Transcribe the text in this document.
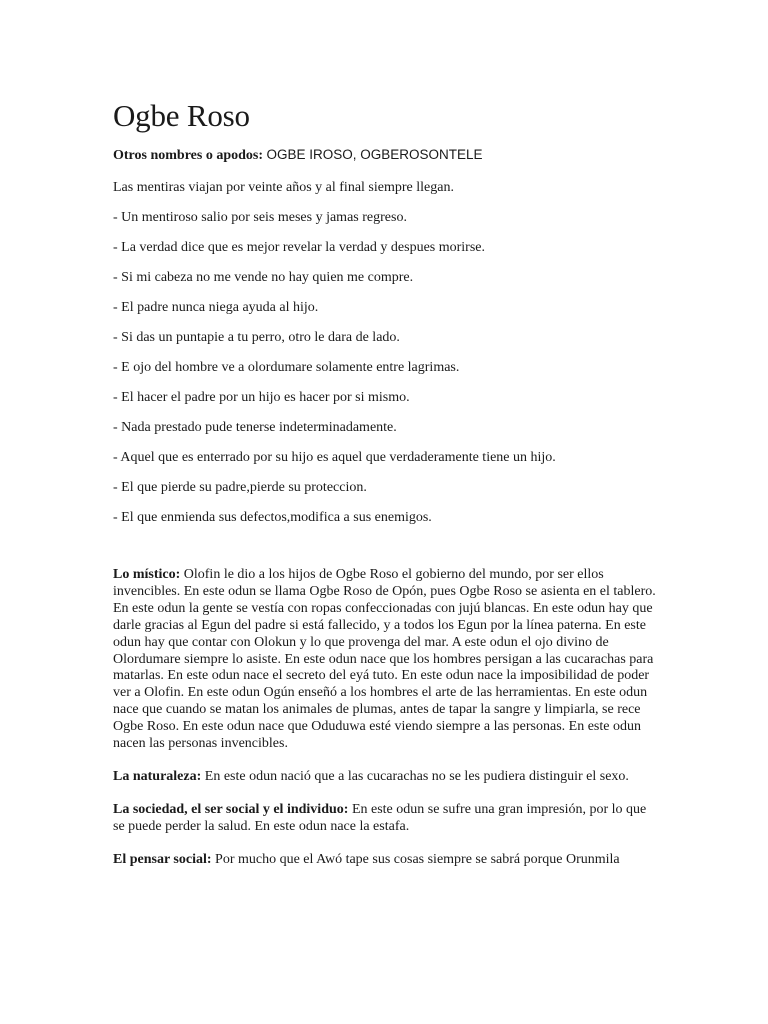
Ogbe Roso

Otros nombres o apodos: OGBE IROSO, OGBEROSONTELE

Las mentiras viajan por veinte años y al final siempre llegan.

- Un mentiroso salio por seis meses y jamas regreso.

- La verdad dice que es mejor revelar la verdad y despues morirse.

- Si mi cabeza no me vende no hay quien me compre.

- El padre nunca niega ayuda al hijo.

- Si das un puntapie a tu perro, otro le dara de lado.

- E ojo del hombre ve a olordumare solamente entre lagrimas.

- El hacer el padre por un hijo es hacer por si mismo.

- Nada prestado pude tenerse indeterminadamente.

- Aquel que es enterrado por su hijo es aquel que verdaderamente tiene un hijo.

- El que pierde su padre,pierde su proteccion.

- El que enmienda sus defectos,modifica a sus enemigos.

Lo místico: Olofin le dio a los hijos de Ogbe Roso el gobierno del mundo, por ser ellos invencibles. En este odun se llama Ogbe Roso de Opón, pues Ogbe Roso se asienta en el tablero. En este odun la gente se vestía con ropas confeccionadas con jujú blancas. En este odun hay que darle gracias al Egun del padre si está fallecido, y a todos los Egun por la línea paterna. En este odun hay que contar con Olokun y lo que provenga del mar. A este odun el ojo divino de Olordumare siempre lo asiste. En este odun nace que los hombres persigan a las cucarachas para matarlas. En este odun nace el secreto del eyá tuto. En este odun nace la imposibilidad de poder ver a Olofin. En este odun Ogún enseñó a los hombres el arte de las herramientas. En este odun nace que cuando se matan los animales de plumas, antes de tapar la sangre y limpiarla, se rece Ogbe Roso. En este odun nace que Oduduwa esté viendo siempre a las personas. En este odun nacen las personas invencibles.

La naturaleza: En este odun nació que a las cucarachas no se les pudiera distinguir el sexo.

La sociedad, el ser social y el individuo: En este odun se sufre una gran impresión, por lo que se puede perder la salud. En este odun nace la estafa.

El pensar social: Por mucho que el Awó tape sus cosas siempre se sabrá porque Orunmila
